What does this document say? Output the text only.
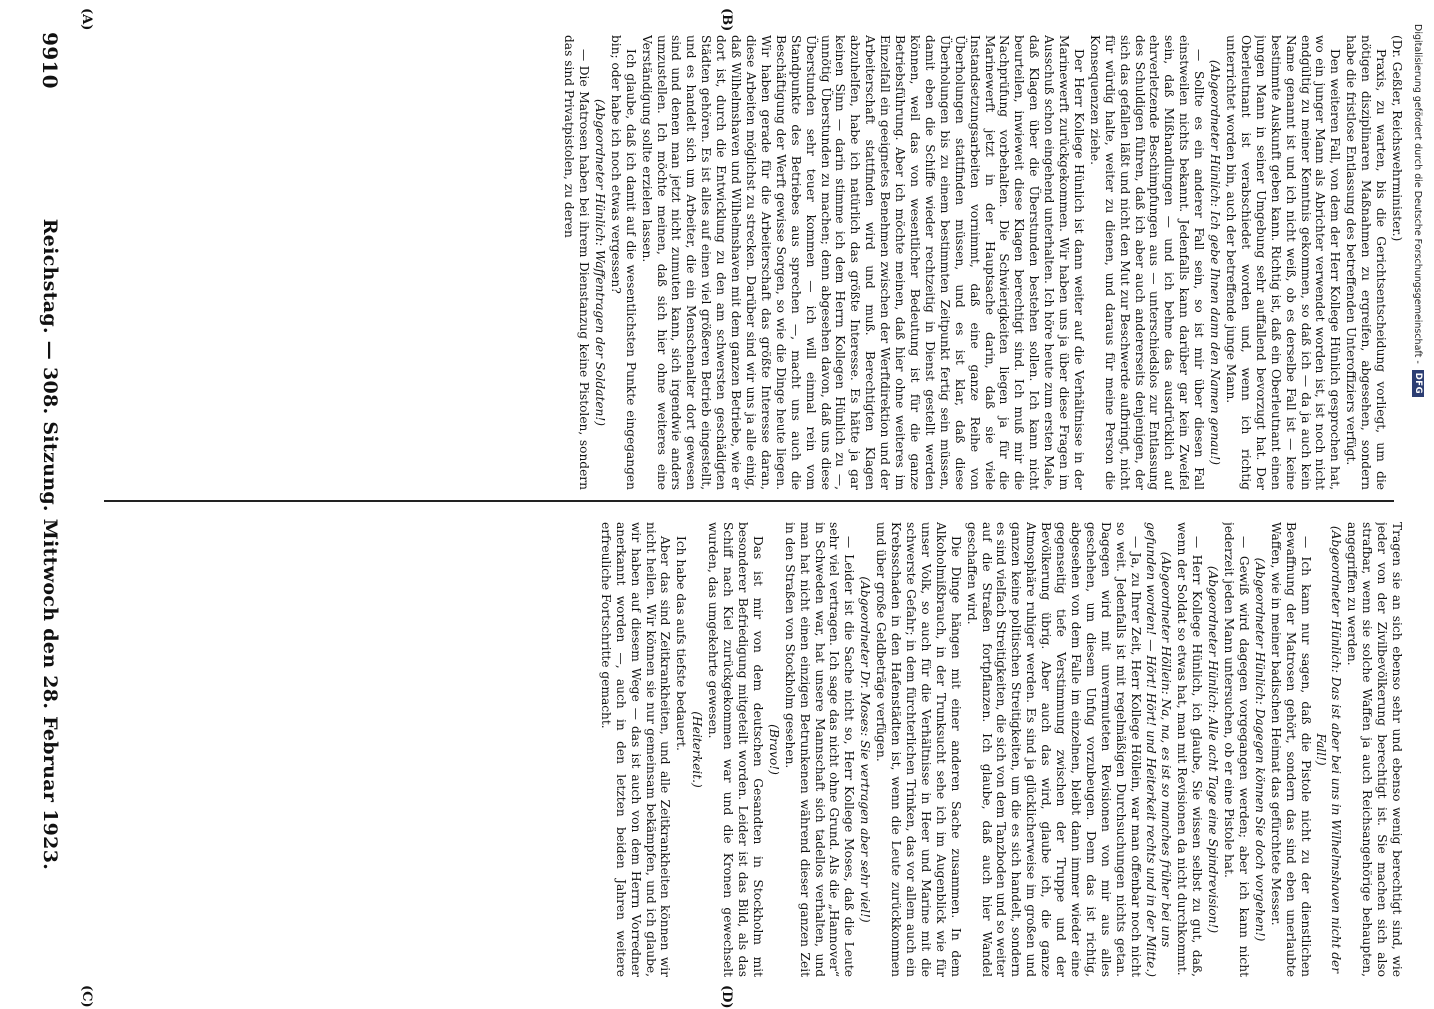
9910
Reichstag. — 308. Sitzung. Mittwoch den 28. Februar 1923.
(A)	(B)
(C)	(D)

(Dr. Geßler, Reichswehrminister.)

Praxis, zu warten, bis die Gerichtsentscheidung vorliegt, um die nötigen disziplinaren Maßnahmen zu ergreifen, abgesehen, sondern habe die fristlose Entlassung des betreffenden Unteroffiziers verfügt.

Den weiteren Fall, von dem der Herr Kollege Hünlich gesprochen hat, wo ein junger Mann als Abrichter verwendet worden ist, ist noch nicht endgültig zu meiner Kenntnis gekommen, so daß ich — da ja auch kein Name genannt ist und ich nicht weiß, ob es derselbe Fall ist — keine bestimmte Auskunft geben kann. Richtig ist, daß ein Oberleutnant einen jungen Mann in seiner Umgebung sehr auffallend bevorzugt hat. Der Oberleutnant ist verabschiedet worden und, wenn ich richtig unterrichtet worden bin, auch der betreffende junge Mann.

(Abgeordneter Hünlich: Ich gebe Ihnen dann den Namen genau!)

— Sollte es ein anderer Fall sein, so ist mir über diesen Fall einstweilen nichts bekannt. Jedenfalls kann darüber gar kein Zweifel sein, daß Mißhandlungen — und ich behne das ausdrücklich auf ehrverletzende Beschimpfungen aus — unterschiedslos zur Entlassung des Schuldigen führen, daß ich aber auch andererseits denjenigen, der sich das gefallen läßt und nicht den Mut zur Beschwerde aufbringt, nicht für würdig halte, weiter zu dienen, und daraus für meine Person die Konsequenzen ziehe.

Der Herr Kollege Hünlich ist dann weiter auf die Verhältnisse in der Marinewerft zurückgekommen. Wir haben uns ja über diese Fragen im Ausschuß schon eingehend unterhalten. Ich höre heute zum ersten Male, daß Klagen über die Überstunden bestehen sollen. Ich kann nicht beurteilen, inwieweit diese Klagen berechtigt sind. Ich muß mir die Nachprüfung vorbehalten. Die Schwierigkeiten liegen ja für die Marinewerft jetzt in der Hauptsache darin, daß sie viele Instandsetzungsarbeiten vornimmt, daß eine ganze Reihe von Überholungen stattfinden müssen, und es ist klar, daß diese Überholungen bis zu einem bestimmten Zeitpunkt fertig sein müssen, damit eben die Schiffe wieder rechtzeitig in Dienst gestellt werden können, weil das von wesentlicher Bedeutung ist für die ganze Betriebsführung. Aber ich möchte meinen, daß hier ohne weiteres im Einzelfall ein geeignetes Benehmen zwischen der Werftdirektion und der Arbeiterschaft stattfinden wird und muß. Berechtigten Klagen abzuhelfen, habe ich natürlich das größte Interesse. Es hätte ja gar keinen Sinn — darin stimme ich dem Herrn Kollegen Hünlich zu —, unnötig Überstunden zu machen; denn abgesehen davon, daß uns diese Überstunden sehr teuer kommen — ich will einmal rein vom Standpunkte des Betriebes aus sprechen —, macht uns auch die Beschäftigung der Werft gewisse Sorgen, so wie die Dinge heute liegen. Wir haben gerade für die Arbeiterschaft das größte Interesse daran, diese Arbeiten möglichst zu strecken. Darüber sind wir uns ja alle einig, daß Wilhelmshaven und Wilhelmshaven mit dem ganzen Betriebe, wie er dort ist, durch die Entwicklung zu den am schwersten geschädigten Städten gehören. Es ist alles auf einen viel größeren Betrieb eingestellt, und es handelt sich um Arbeiter, die ein Menschenalter dort gewesen sind und denen man jetzt nicht zumuten kann, sich irgendwie anders umzustellen. Ich möchte meinen, daß sich hier ohne weiteres eine Verständigung sollte erzielen lassen.

Ich glaube, daß ich damit auf die wesentlichsten Punkte eingegangen bin; oder habe ich noch etwas vergessen?

(Abgeordneter Hünlich: Waffentragen der Soldaten!)

— Die Matrosen haben bei ihrem Dienstanzug keine Pistolen, sondern das sind Privatpistolen, zu deren

Tragen sie an sich ebenso sehr und ebenso wenig berechtigt sind, wie jeder von der Zivilbevölkerung berechtigt ist. Sie machen sich also strafbar, wenn sie solche Waffen ja auch Reichsangehörige behaupten, angegriffen zu werden.

(Abgeordneter Hünlich: Das ist aber bei uns in Wilhelmshaven nicht der Fall!)

— Ich kann nur sagen, daß die Pistole nicht zu der dienstlichen Bewaffnung der Matrosen gehört, sondern das sind eben unerlaubte Waffen, wie in meiner badischen Heimat das gefürchtete Messer.

(Abgeordneter Hünlich: Dagegen können Sie doch vorgehen!)

— Gewiß wird dagegen vorgegangen werden; aber ich kann nicht jederzeit jeden Mann untersuchen, ob er eine Pistole hat.

(Abgeordneter Hünlich: Alle acht Tage eine Spindrevision!)

— Herr Kollege Hünlich, ich glaube, Sie wissen selbst zu gut, daß, wenn der Soldat so etwas hat, man mit Revisionen da nicht durchkommt.

(Abgeordneter Höllein: Na, na, es ist so manches früher bei uns gefunden worden! — Hört! Hört! und Heiterkeit rechts und in der Mitte.)

— Ja, zu Ihrer Zeit, Herr Kollege Höllein, war man offenbar noch nicht so weit. Jedenfalls ist mit regelmäßigen Durchsuchungen nichts getan. Dagegen wird mit unvermuteten Revisionen von mir aus alles geschehen, um diesem Unfug vorzubeugen. Denn das ist richtig, abgesehen von dem Falle im einzelnen, bleibt dann immer wieder eine gegenseitig tiefe Verstimmung zwischen der Truppe und der Bevölkerung übrig. Aber auch das wird, glaube ich, die ganze Atmosphäre ruhiger werden. Es sind ja glücklicherweise im großen und ganzen keine politischen Streitigkeiten, um die es sich handelt, sondern es sind vielfach Streitigkeiten, die sich von dem Tanzboden und so weiter auf die Straßen fortpflanzen. Ich glaube, daß auch hier Wandel geschaffen wird.

Die Dinge hängen mit einer anderen Sache zusammen. In dem Alkoholmißbrauch, in der Trunksucht sehe ich im Augenblick wie für unser Volk, so auch für die Verhältnisse in Heer und Marine mit die schwerste Gefahr; in dem fürchterlichen Trinken, das vor allem auch ein Krebsschaden in den Hafenstädten ist, wenn die Leute zurückkommen und über große Geldbeträge verfügen.

(Abgeordneter Dr. Moses: Sie vertragen aber sehr viel!)

— Leider ist die Sache nicht so, Herr Kollege Moses, daß die Leute sehr viel vertragen. Ich sage das nicht ohne Grund. Als die „Hannover“ in Schweden war, hat unsere Mannschaft sich tadellos verhalten, und man hat nicht einen einzigen Betrunkenen während dieser ganzen Zeit in den Straßen von Stockholm gesehen.

(Bravo!)

Das ist mir von dem deutschen Gesandten in Stockholm mit besonderer Befriedigung mitgeteilt worden. Leider ist das Bild, als das Schiff nach Kiel zurückgekommen war und die Kronen gewechselt wurden, das umgekehrte gewesen.

(Heiterkeit.)

Ich habe das aufs tiefste bedauert.

Aber das sind Zeitkrankheiten, und alle Zeitkrankheiten können wir nicht heilen. Wir können sie nur gemeinsam bekämpfen, und ich glaube, wir haben auf diesem Wege — das ist auch von dem Herrn Vorredner anerkannt worden —, auch in den letzten beiden Jahren weitere erfreuliche Fortschritte gemacht.

Digitalisierung gefördert durch die Deutsche Forschungsgemeinschaft -
DFG
